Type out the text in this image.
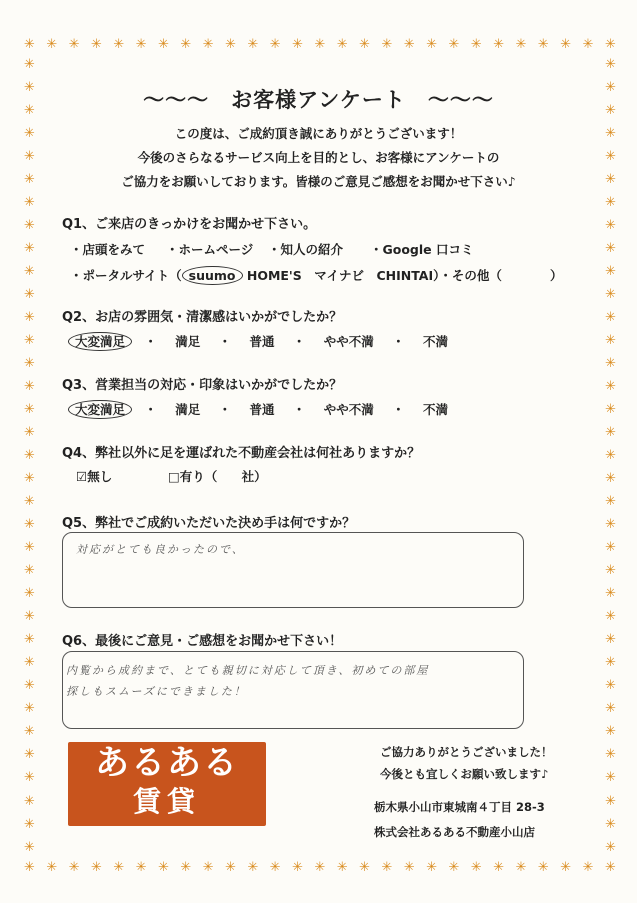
✳ ✳ ✳ ✳ ✳ ✳ ✳ ✳ ✳ ✳ ✳ ✳ ✳ ✳ ✳ ✳ ✳ ✳ ✳ ✳ ✳ ✳ ✳ ✳ ✳ ✳ ✳
✳ ✳ ✳ ✳ ✳ ✳ ✳ ✳ ✳ ✳ ✳ ✳ ✳ ✳ ✳ ✳ ✳ ✳ ✳ ✳ ✳ ✳ ✳ ✳ ✳ ✳ ✳
✳
✳
✳
✳
✳
✳
✳
✳
✳
✳
✳
✳
✳
✳
✳
✳
✳
✳
✳
✳
✳
✳
✳
✳
✳
✳
✳
✳
✳
✳
✳
✳
✳
✳
✳
✳
✳
✳
✳
✳
✳
✳
✳
✳
✳
✳
✳
✳
✳
✳
✳
✳
✳
✳
✳
✳
✳
✳
✳
✳
✳
✳
✳
✳
✳
✳
✳
✳
✳
✳
〜〜〜　お客様アンケート　〜〜〜
この度は、ご成約頂き誠にありがとうございます！
今後のさらなるサービス向上を目的とし、お客様にアンケートの
ご協力をお願いしております。皆様のご意見ご感想をお聞かせ下さい♪
Q1、ご来店のきっかけをお聞かせ下さい。
・店頭をみて ・ホームページ ・知人の紹介 ・Google 口コミ
・ポータルサイト（ suumo HOME'S　マイナビ　CHINTAI）・その他（	）
Q2、お店の雰囲気・清潔感はいかがでしたか？
大変満足 ・ 満足 ・ 普通 ・ やや不満 ・ 不満
Q3、営業担当の対応・印象はいかがでしたか？
大変満足 ・ 満足 ・ 普通 ・ やや不満 ・ 不満
Q4、弊社以外に足を運ばれた不動産会社は何社ありますか？
☑無し	□有り（ 社）
Q5、弊社でご成約いただいた決め手は何ですか？
対応がとても良かったので、
Q6、最後にご意見・ご感想をお聞かせ下さい！
内覧から成約まで、とても親切に対応して頂き、初めての部屋
探しもスムーズにできました！
あるある
賃貸
ご協力ありがとうございました！
今後とも宜しくお願い致します♪
栃木県小山市東城南４丁目 28-3
株式会社あるある不動産小山店
